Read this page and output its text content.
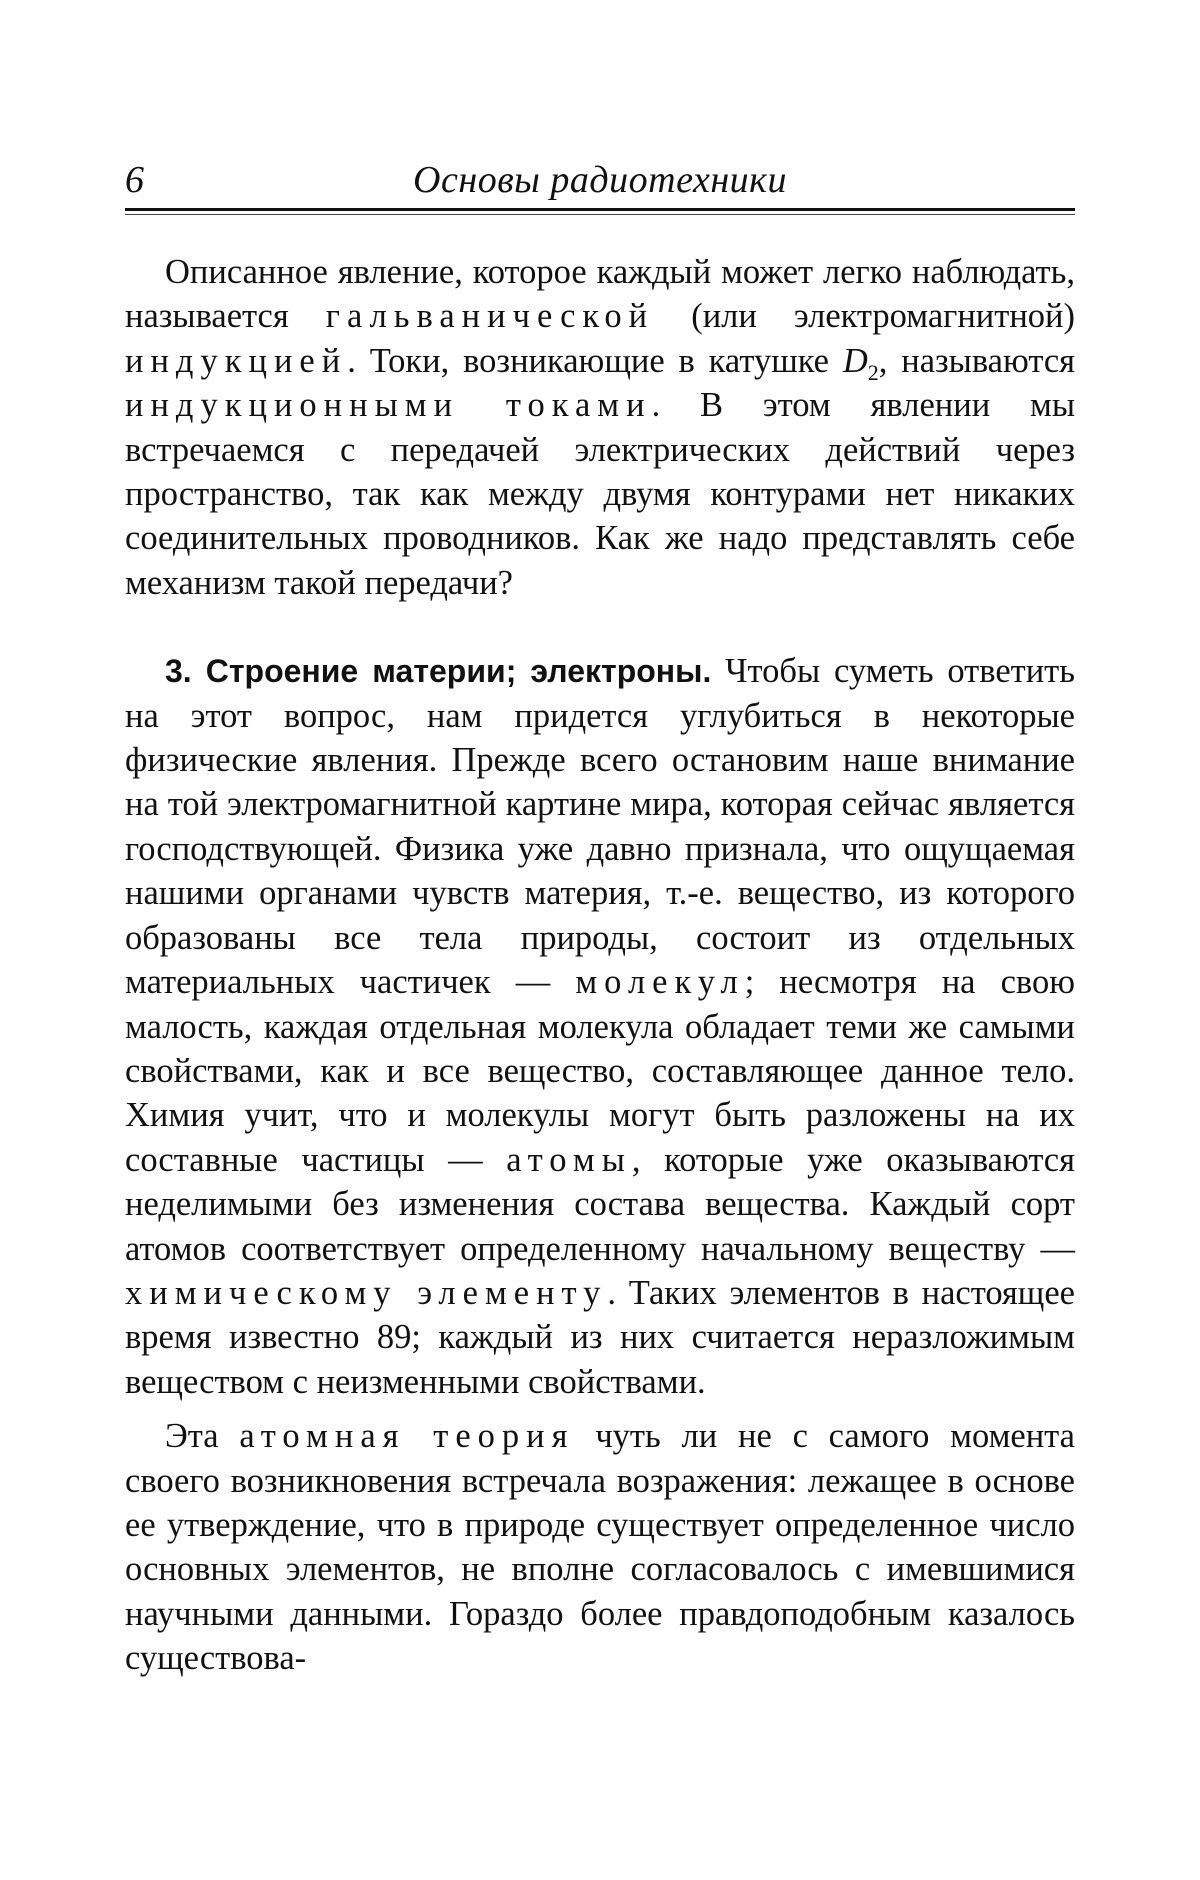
6	Основы радиотехники

Описанное явление, которое каждый может легко наблюдать, называется гальванической (или электромагнитной) индукцией. Токи, возникающие в катушке $D_2$, называются индукционными токами. В этом явлении мы встречаемся с передачей электрических действий через пространство, так как между двумя контурами нет никаких соединительных проводников. Как же надо представлять себе механизм такой передачи?

3. Строение материи; электроны. Чтобы суметь ответить на этот вопрос, нам придется углубиться в некоторые физические явления. Прежде всего остановим наше внимание на той электромагнитной картине мира, которая сейчас является господствующей. Физика уже давно признала, что ощущаемая нашими органами чувств материя, т.-е. вещество, из которого образованы все тела природы, состоит из отдельных материальных частичек — молекул; несмотря на свою малость, каждая отдельная молекула обладает теми же самыми свойствами, как и все вещество, составляющее данное тело. Химия учит, что и молекулы могут быть разложены на их составные частицы — атомы, которые уже оказываются неделимыми без изменения состава вещества. Каждый сорт атомов соответствует определенному начальному веществу — химическому элементу. Таких элементов в настоящее время известно 89; каждый из них считается неразложимым веществом с неизменными свойствами.

Эта атомная теория чуть ли не с самого момента своего возникновения встречала возражения: лежащее в основе ее утверждение, что в природе существует определенное число основных элементов, не вполне согласовалось с имевшимися научными данными. Гораздо более правдоподобным казалось существова-
